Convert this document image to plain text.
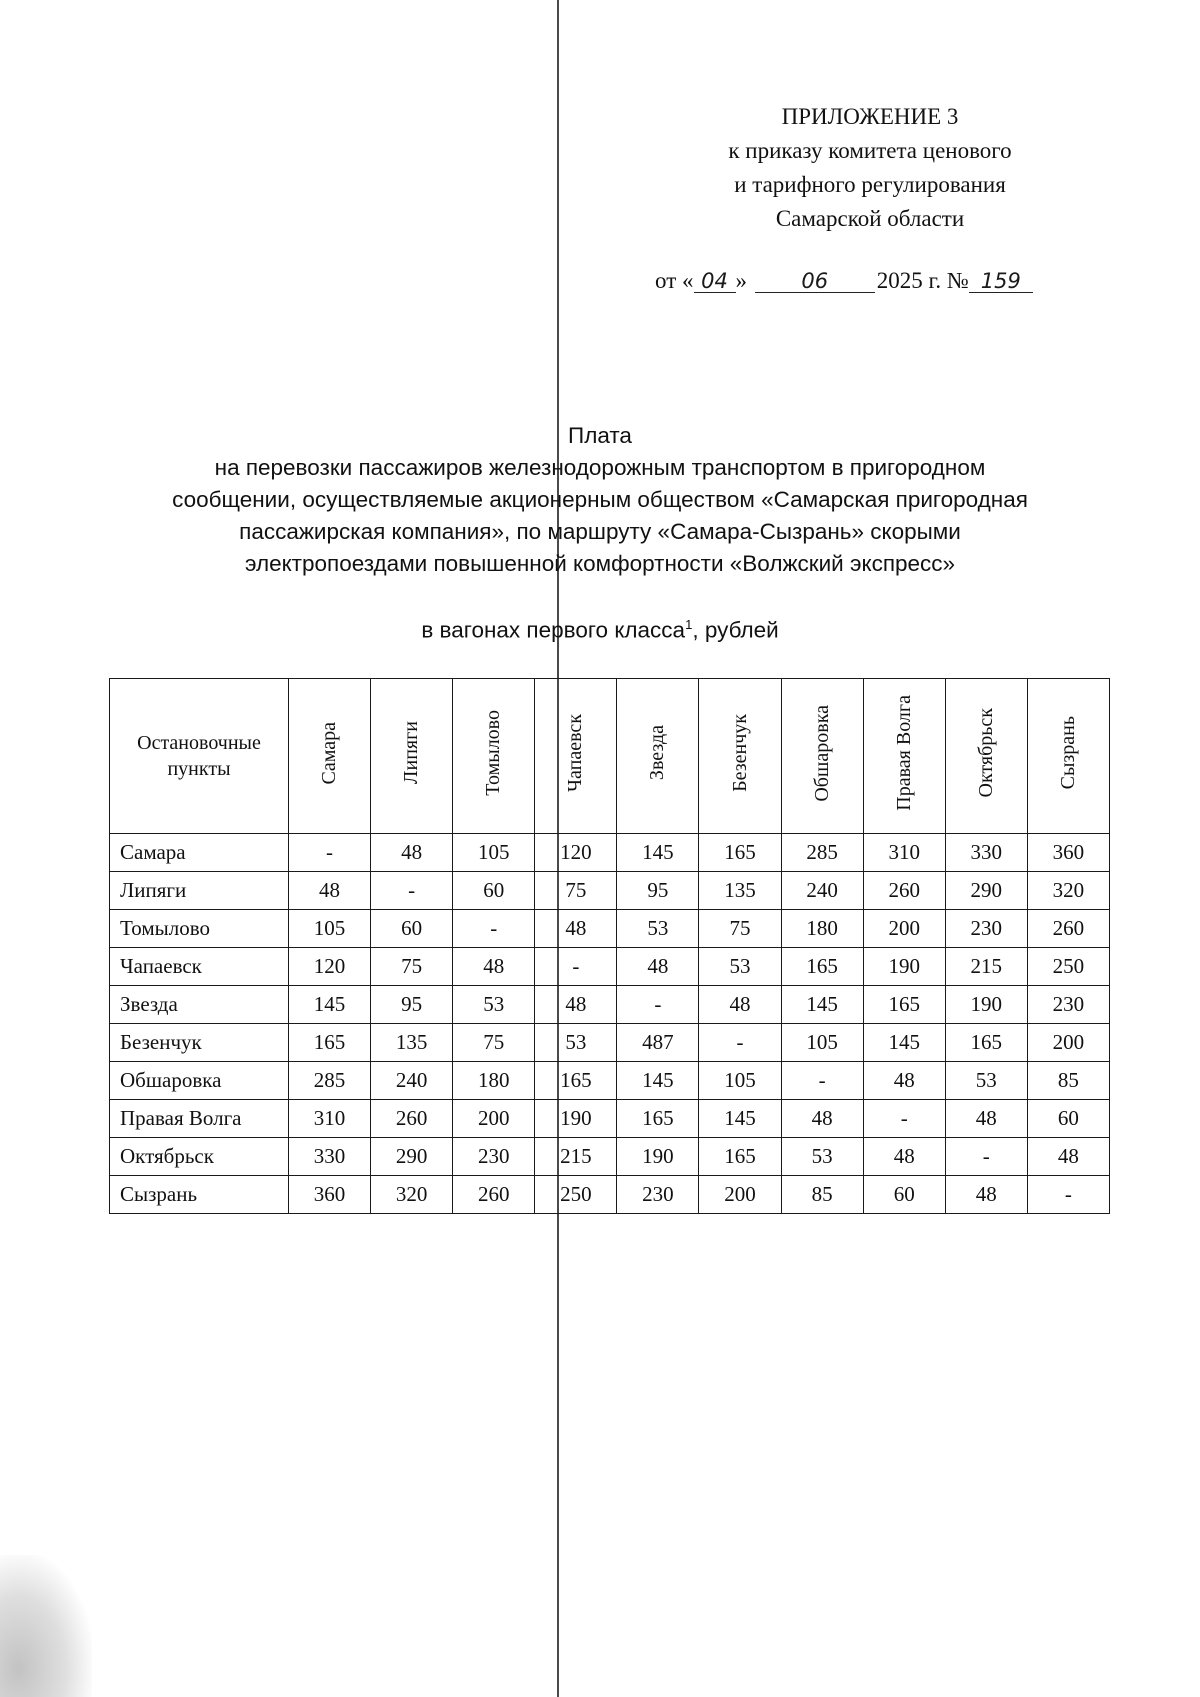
ПРИЛОЖЕНИЕ 3
к приказу комитета ценового
и тарифного регулирования
Самарской области
от « 04 »	06 2025 г. № 159
Плата
на перевозки пассажиров железнодорожным транспортом в пригородном
сообщении, осуществляемые акционерным обществом «Самарская пригородная
пассажирская компания», по маршруту «Самара-Сызрань» скорыми
электропоездами повышенной комфортности «Волжский экспресс»
в вагонах первого класса$^1$, рублей
Остановочные пункты	Самара	Липяги	Томылово	Чапаевск	Звезда	Безенчук	Обшаровка	Правая Волга	Октябрьск	Сызрань
Самара	-	48	105	120	145	165	285	310	330	360
Липяги	48	-	60	75	95	135	240	260	290	320
Томылово	105	60	-	48	53	75	180	200	230	260
Чапаевск	120	75	48	-	48	53	165	190	215	250
Звезда	145	95	53	48	-	48	145	165	190	230
Безенчук	165	135	75	53	487	-	105	145	165	200
Обшаровка	285	240	180	165	145	105	-	48	53	85
Правая Волга	310	260	200	190	165	145	48	-	48	60
Октябрьск	330	290	230	215	190	165	53	48	-	48
Сызрань	360	320	260	250	230	200	85	60	48	-
